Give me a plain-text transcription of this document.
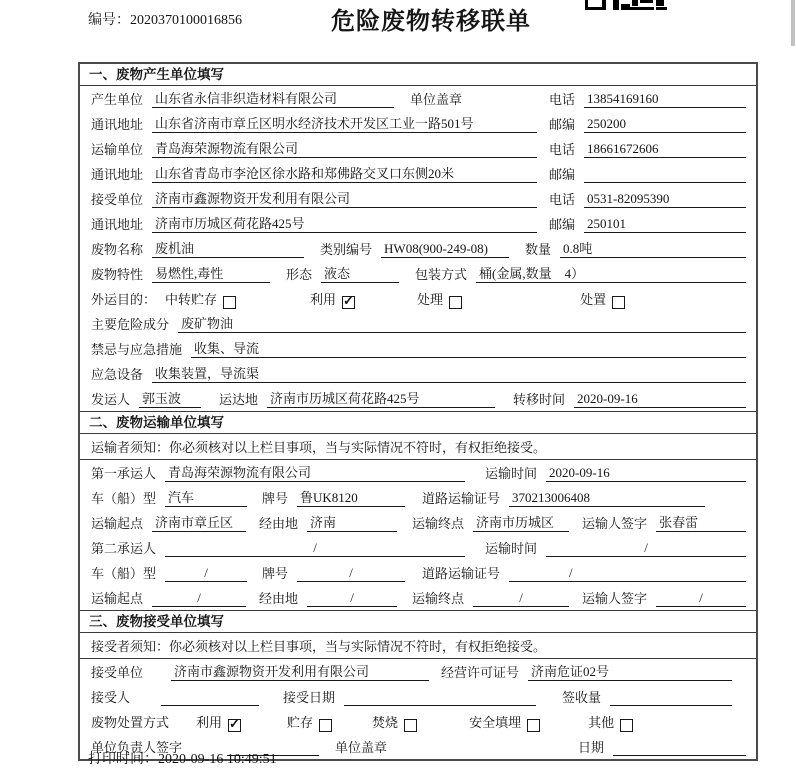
编号：2020370100016856	危险废物转移联单
一、废物产生单位填写
产生单位 山东省永信非织造材料有限公司	单位盖章	电话 13854169160
通讯地址 山东省济南市章丘区明水经济技术开发区工业一路501号	邮编 250200
运输单位 青岛海荣源物流有限公司	电话 18661672606
通讯地址 山东省青岛市李沧区徐水路和郑佛路交叉口东侧20米	邮编
接受单位 济南市鑫源物资开发利用有限公司	电话 0531-82095390
通讯地址 济南市历城区荷花路425号	邮编 250101
废物名称 废机油	类别编号 HW08(900-249-08)	数量 0.8吨
废物特性 易燃性,毒性	形态 液态	包装方式 桶(金属,数量　4）
外运目的： 中转贮存	利用 ✓	处理	处置
主要危险成分 废矿物油
禁忌与应急措施 收集、导流
应急设备 收集装置，导流渠
发运人 郭玉波	运达地 济南市历城区荷花路425号	转移时间 2020-09-16
二、废物运输单位填写
运输者须知：你必须核对以上栏目事项，当与实际情况不符时，有权拒绝接受。
第一承运人 青岛海荣源物流有限公司	运输时间 2020-09-16
车（船）型 汽车	牌号 鲁UK8120	道路运输证号 370213006408
运输起点 济南市章丘区	经由地 济南	运输终点 济南市历城区	运输人签字 张春雷
第二承运人	/	运输时间	/
车（船）型	/	牌号	/	道路运输证号	/
运输起点	/	经由地	/	运输终点	/	运输人签字	/
三、废物接受单位填写
接受者须知：你必须核对以上栏目事项，当与实际情况不符时，有权拒绝接受。
接受单位 济南市鑫源物资开发利用有限公司	经营许可证号 济南危证02号
接受人	接受日期	签收量
废物处置方式 利用 ✓	贮存	焚烧	安全填埋	其他
单位负责人签字	单位盖章	日期
打印时间：2020-09-16 10:49:51
